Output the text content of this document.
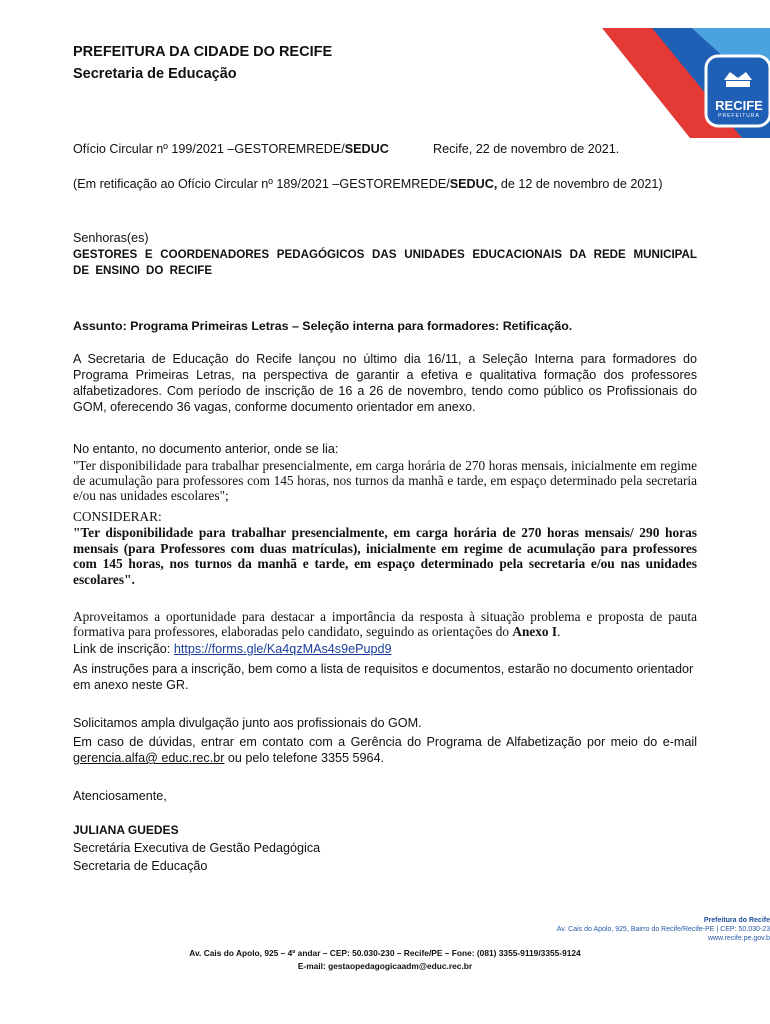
PREFEITURA DA CIDADE DO RECIFE
Secretaria de Educação
RECIFE
PREFEITURA
Ofício Circular nº 199/2021 –GESTOREMREDE/SEDUC	Recife, 22 de novembro de 2021.
(Em retificação ao Ofício Circular nº 189/2021 –GESTOREMREDE/SEDUC, de 12 de novembro de 2021)
Senhoras(es)
GESTORES E COORDENADORES PEDAGÓGICOS DAS UNIDADES EDUCACIONAIS DA REDE MUNICIPAL DE ENSINO DO RECIFE
Assunto: Programa Primeiras Letras – Seleção interna para formadores: Retificação.
A Secretaria de Educação do Recife lançou no último dia 16/11, a Seleção Interna para formadores do Programa Primeiras Letras, na perspectiva de garantir a efetiva e qualitativa formação dos professores alfabetizadores. Com período de inscrição de 16 a 26 de novembro, tendo como público os Profissionais do GOM, oferecendo 36 vagas, conforme documento orientador em anexo.
No entanto, no documento anterior, onde se lia:
"Ter disponibilidade para trabalhar presencialmente, em carga horária de 270 horas mensais, inicialmente em regime de acumulação para professores com 145 horas, nos turnos da manhã e tarde, em espaço determinado pela secretaria e/ou nas unidades escolares";
CONSIDERAR:
"Ter disponibilidade para trabalhar presencialmente, em carga horária de 270 horas mensais/ 290 horas mensais (para Professores com duas matrículas), inicialmente em regime de acumulação para professores com 145 horas, nos turnos da manhã e tarde, em espaço determinado pela secretaria e/ou nas unidades escolares".
Aproveitamos a oportunidade para destacar a importância da resposta à situação problema e proposta de pauta formativa para professores, elaboradas pelo candidato, seguindo as orientações do Anexo I.
Link de inscrição: https://forms.gle/Ka4qzMAs4s9ePupd9
As instruções para a inscrição, bem como a lista de requisitos e documentos, estarão no documento orientador em anexo neste GR.
Solicitamos ampla divulgação junto aos profissionais do GOM.
Em caso de dúvidas, entrar em contato com a Gerência do Programa de Alfabetização por meio do e-mail gerencia.alfa@ educ.rec.br ou pelo telefone 3355 5964.
Atenciosamente,
JULIANA GUEDES
Secretária Executiva de Gestão Pedagógica
Secretaria de Educação
Prefeitura do Recife
Av. Cais do Apolo, 925, Bairro do Recife/Recife-PE | CEP: 50.030-23
www.recife.pe.gov.b
Av. Cais do Apolo, 925 – 4º andar – CEP: 50.030-230 – Recife/PE – Fone: (081) 3355-9119/3355-9124
E-mail: gestaopedagogicaadm@educ.rec.br
